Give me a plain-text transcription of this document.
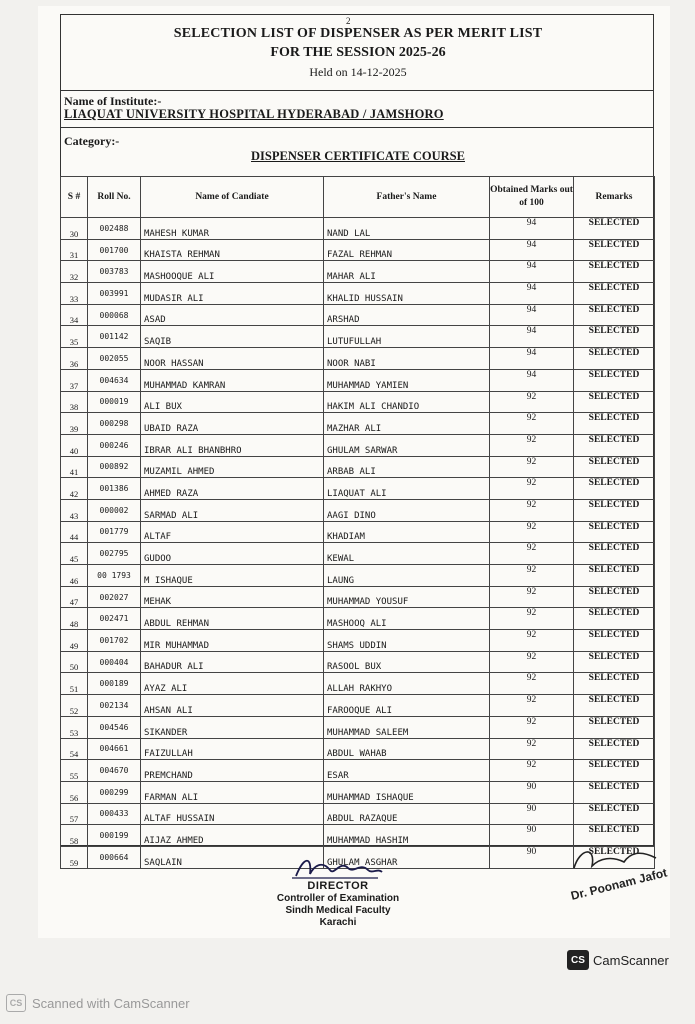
2
SELECTION LIST OF DISPENSER AS PER MERIT LIST
FOR THE SESSION 2025-26
Held on 14-12-2025
Name of Institute:-
LIAQUAT UNIVERSITY HOSPITAL HYDERABAD / JAMSHORO
Category:-
DISPENSER CERTIFICATE COURSE
S #	Roll No.	Name of Candiate	Father's Name	Obtained Marks out of 100	Remarks
30	002488	MAHESH KUMAR	NAND LAL	94	SELECTED
31	001700	KHAISTA REHMAN	FAZAL REHMAN	94	SELECTED
32	003783	MASHOOQUE ALI	MAHAR ALI	94	SELECTED
33	003991	MUDASIR ALI	KHALID HUSSAIN	94	SELECTED
34	000068	ASAD	ARSHAD	94	SELECTED
35	001142	SAQIB	LUTUFULLAH	94	SELECTED
36	002055	NOOR HASSAN	NOOR NABI	94	SELECTED
37	004634	MUHAMMAD KAMRAN	MUHAMMAD YAMIEN	94	SELECTED
38	000019	ALI BUX	HAKIM ALI CHANDIO	92	SELECTED
39	000298	UBAID RAZA	MAZHAR ALI	92	SELECTED
40	000246	IBRAR ALI BHANBHRO	GHULAM SARWAR	92	SELECTED
41	000892	MUZAMIL AHMED	ARBAB ALI	92	SELECTED
42	001386	AHMED RAZA	LIAQUAT ALI	92	SELECTED
43	000002	SARMAD ALI	AAGI DINO	92	SELECTED
44	001779	ALTAF	KHADIAM	92	SELECTED
45	002795	GUDOO	KEWAL	92	SELECTED
46	00 1793	M ISHAQUE	LAUNG	92	SELECTED
47	002027	MEHAK	MUHAMMAD YOUSUF	92	SELECTED
48	002471	ABDUL REHMAN	MASHOOQ ALI	92	SELECTED
49	001702	MIR MUHAMMAD	SHAMS UDDIN	92	SELECTED
50	000404	BAHADUR ALI	RASOOL BUX	92	SELECTED
51	000189	AYAZ ALI	ALLAH RAKHYO	92	SELECTED
52	002134	AHSAN ALI	FAROOQUE ALI	92	SELECTED
53	004546	SIKANDER	MUHAMMAD SALEEM	92	SELECTED
54	004661	FAIZULLAH	ABDUL WAHAB	92	SELECTED
55	004670	PREMCHAND	ESAR	92	SELECTED
56	000299	FARMAN ALI	MUHAMMAD ISHAQUE	90	SELECTED
57	000433	ALTAF HUSSAIN	ABDUL RAZAQUE	90	SELECTED
58	000199	AIJAZ AHMED	MUHAMMAD HASHIM	90	SELECTED
59	000664	SAQLAIN	GHULAM ASGHAR	90	SELECTED
DIRECTOR
Controller of Examination
Sindh Medical Faculty
Karachi
Dr. Poonam Jafot
CS CamScanner
CS Scanned with CamScanner
